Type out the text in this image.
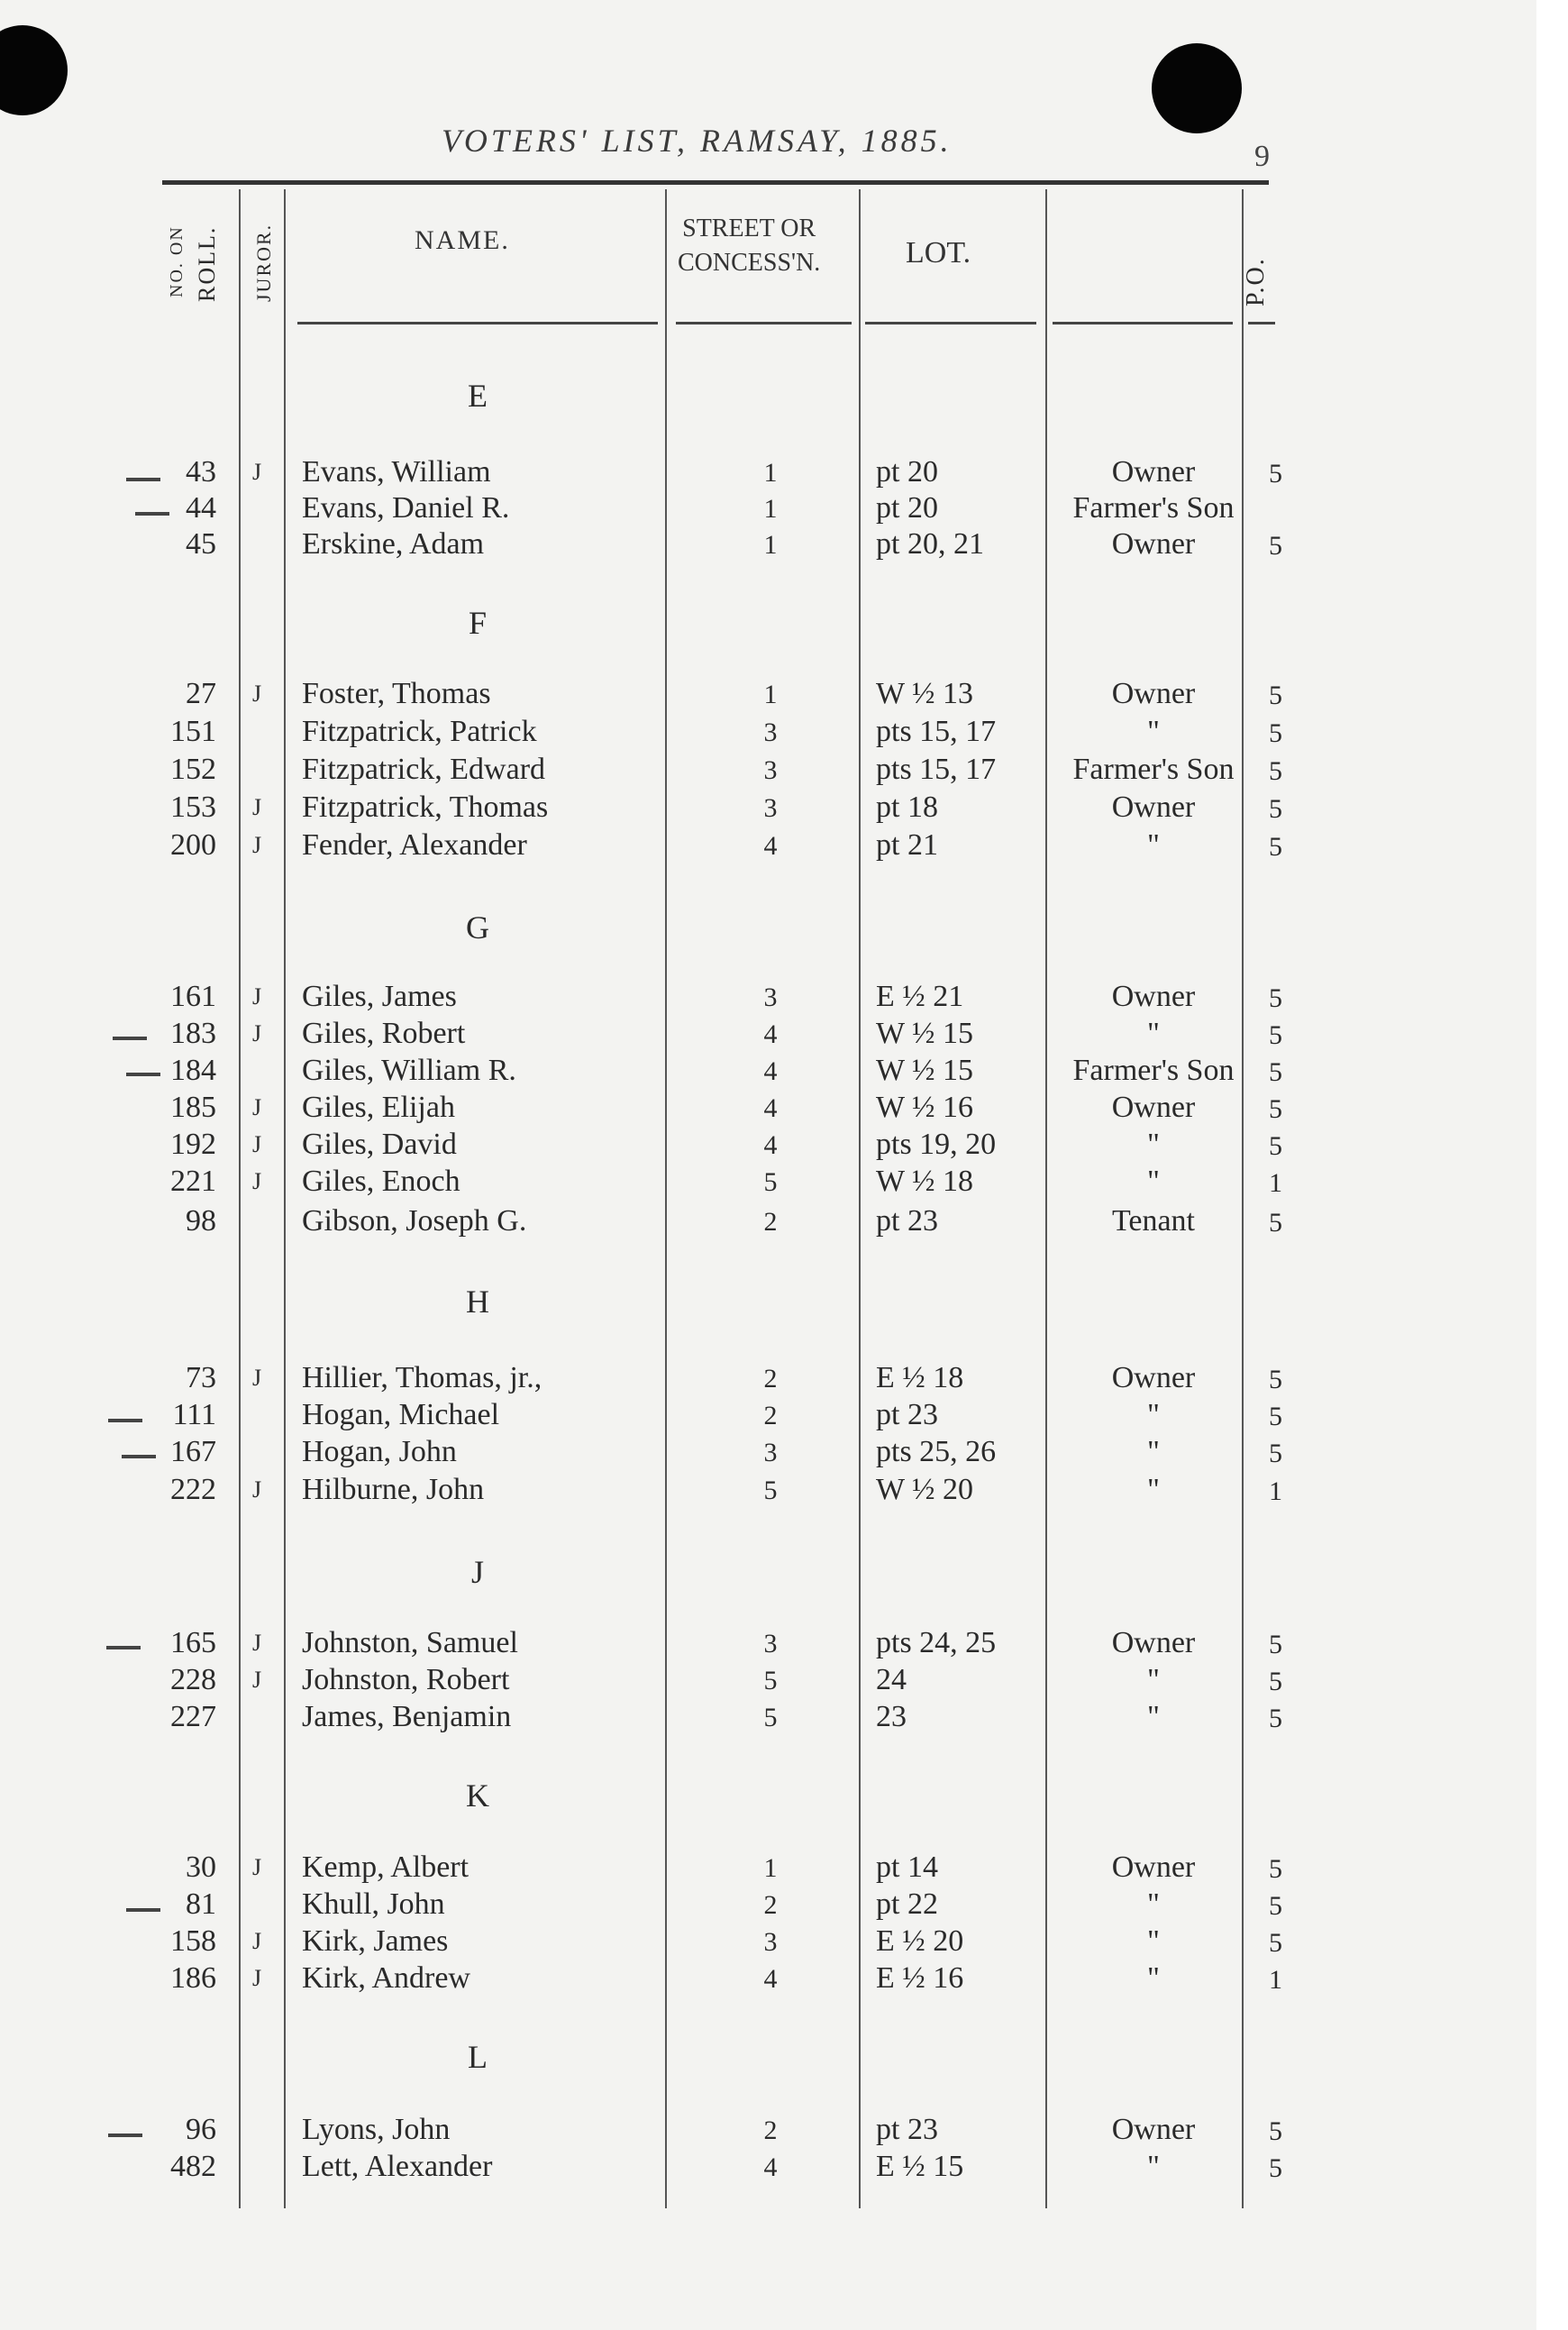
VOTERS' LIST, RAMSAY, 1885.	9
NO. ON ROLL. JUROR.	NAME.	STREET OR
CONCESS'N.	LOT.
P.O.
E
43 J Evans, William	1	pt 20	Owner	5
44	Evans, Daniel R.	1	pt 20	Farmer's Son
45	Erskine, Adam	1	pt 20, 21	Owner	5
F
27 J Foster, Thomas	1	W ½ 13	Owner	5
151	Fitzpatrick, Patrick	3	pts 15, 17	"	5
152	Fitzpatrick, Edward	3	pts 15, 17	Farmer's Son	5
153 J Fitzpatrick, Thomas	3	pt 18	Owner	5
200 J Fender, Alexander	4	pt 21	"	5
G
161 J Giles, James	3	E ½ 21	Owner	5
183 J Giles, Robert	4	W ½ 15	"	5
184	Giles, William R.	4	W ½ 15	Farmer's Son	5
185 J Giles, Elijah	4	W ½ 16	Owner	5
192 J Giles, David	4	pts 19, 20	"	5
221 J Giles, Enoch	5	W ½ 18	"	1
98	Gibson, Joseph G.	2	pt 23	Tenant	5
H
73 J Hillier, Thomas, jr.,	2	E ½ 18	Owner	5
111	Hogan, Michael	2	pt 23	"	5
167	Hogan, John	3	pts 25, 26	"	5
222 J Hilburne, John	5	W ½ 20	"	1
J
165 J Johnston, Samuel	3	pts 24, 25	Owner	5
228 J Johnston, Robert	5	24	"	5
227	James, Benjamin	5	23	"	5
K
30 J Kemp, Albert	1	pt 14	Owner	5
81	Khull, John	2	pt 22	"	5
158 J Kirk, James	3	E ½ 20	"	5
186 J Kirk, Andrew	4	E ½ 16	"	1
L
96	Lyons, John	2	pt 23	Owner	5
482	Lett, Alexander	4	E ½ 15	"	5
